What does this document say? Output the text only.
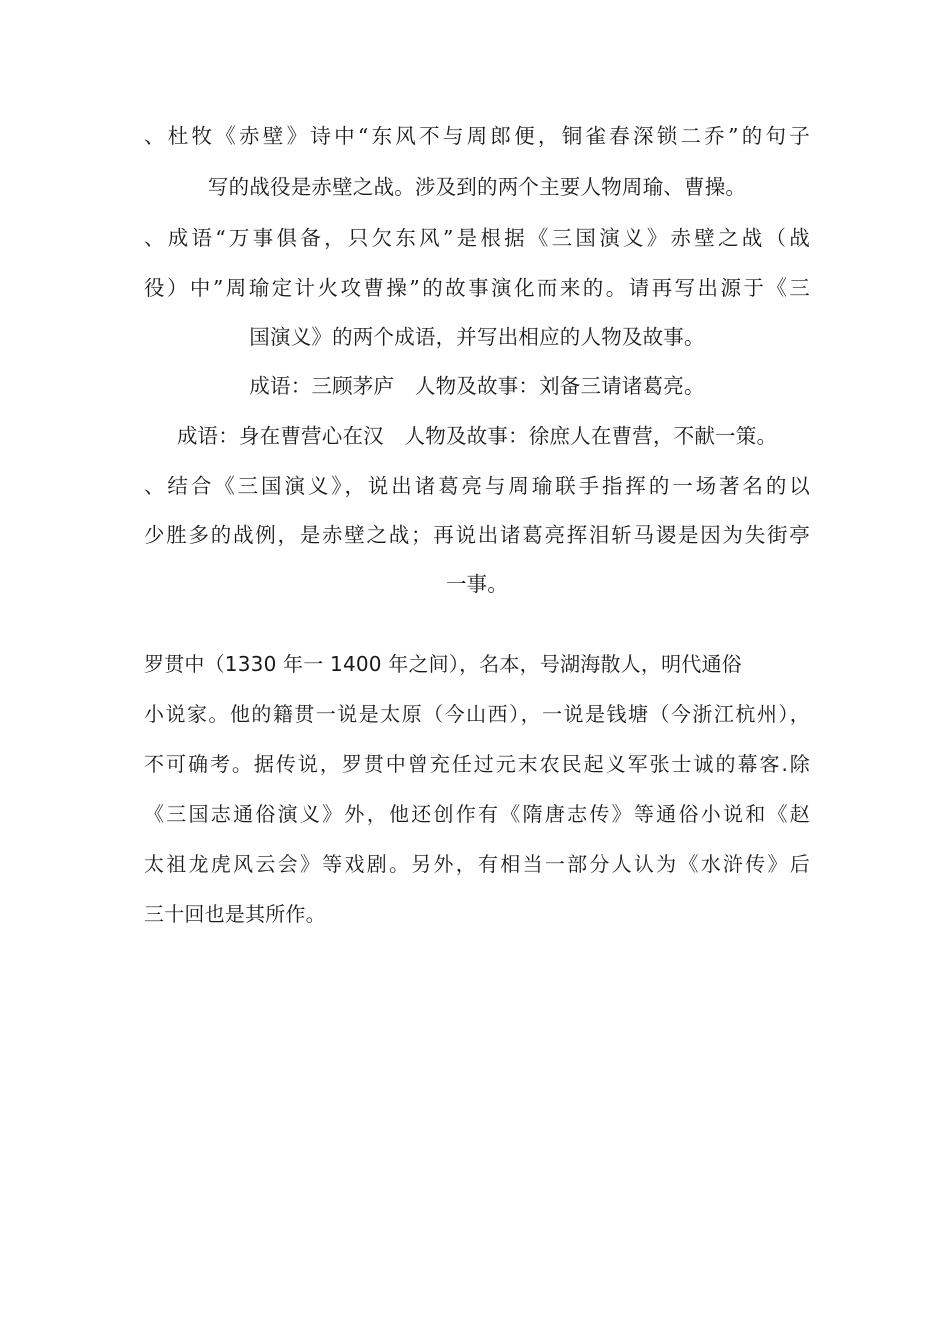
、杜牧《赤壁》诗中“东风不与周郎便，铜雀春深锁二乔”的句子
写的战役是赤壁之战。涉及到的两个主要人物周瑜、曹操。
、成语“万事俱备，只欠东风”是根据《三国演义》赤壁之战（战
役）中”周瑜定计火攻曹操”的故事演化而来的。请再写出源于《三
国演义》的两个成语，并写出相应的人物及故事。
成语：三顾茅庐　人物及故事：刘备三请诸葛亮。
成语：身在曹营心在汉　人物及故事：徐庶人在曹营，不献一策。
、结合《三国演义》，说出诸葛亮与周瑜联手指挥的一场著名的以
少胜多的战例，是赤壁之战；再说出诸葛亮挥泪斩马谡是因为失街亭
一事。
罗贯中（1330 年一 1400 年之间），名本，号湖海散人，明代通俗
小说家。他的籍贯一说是太原（今山西），一说是钱塘（今浙江杭州），
不可确考。据传说，罗贯中曾充任过元末农民起义军张士诚的幕客.除
《三国志通俗演义》外，他还创作有《隋唐志传》等通俗小说和《赵
太祖龙虎风云会》等戏剧。另外，有相当一部分人认为《水浒传》后
三十回也是其所作。
